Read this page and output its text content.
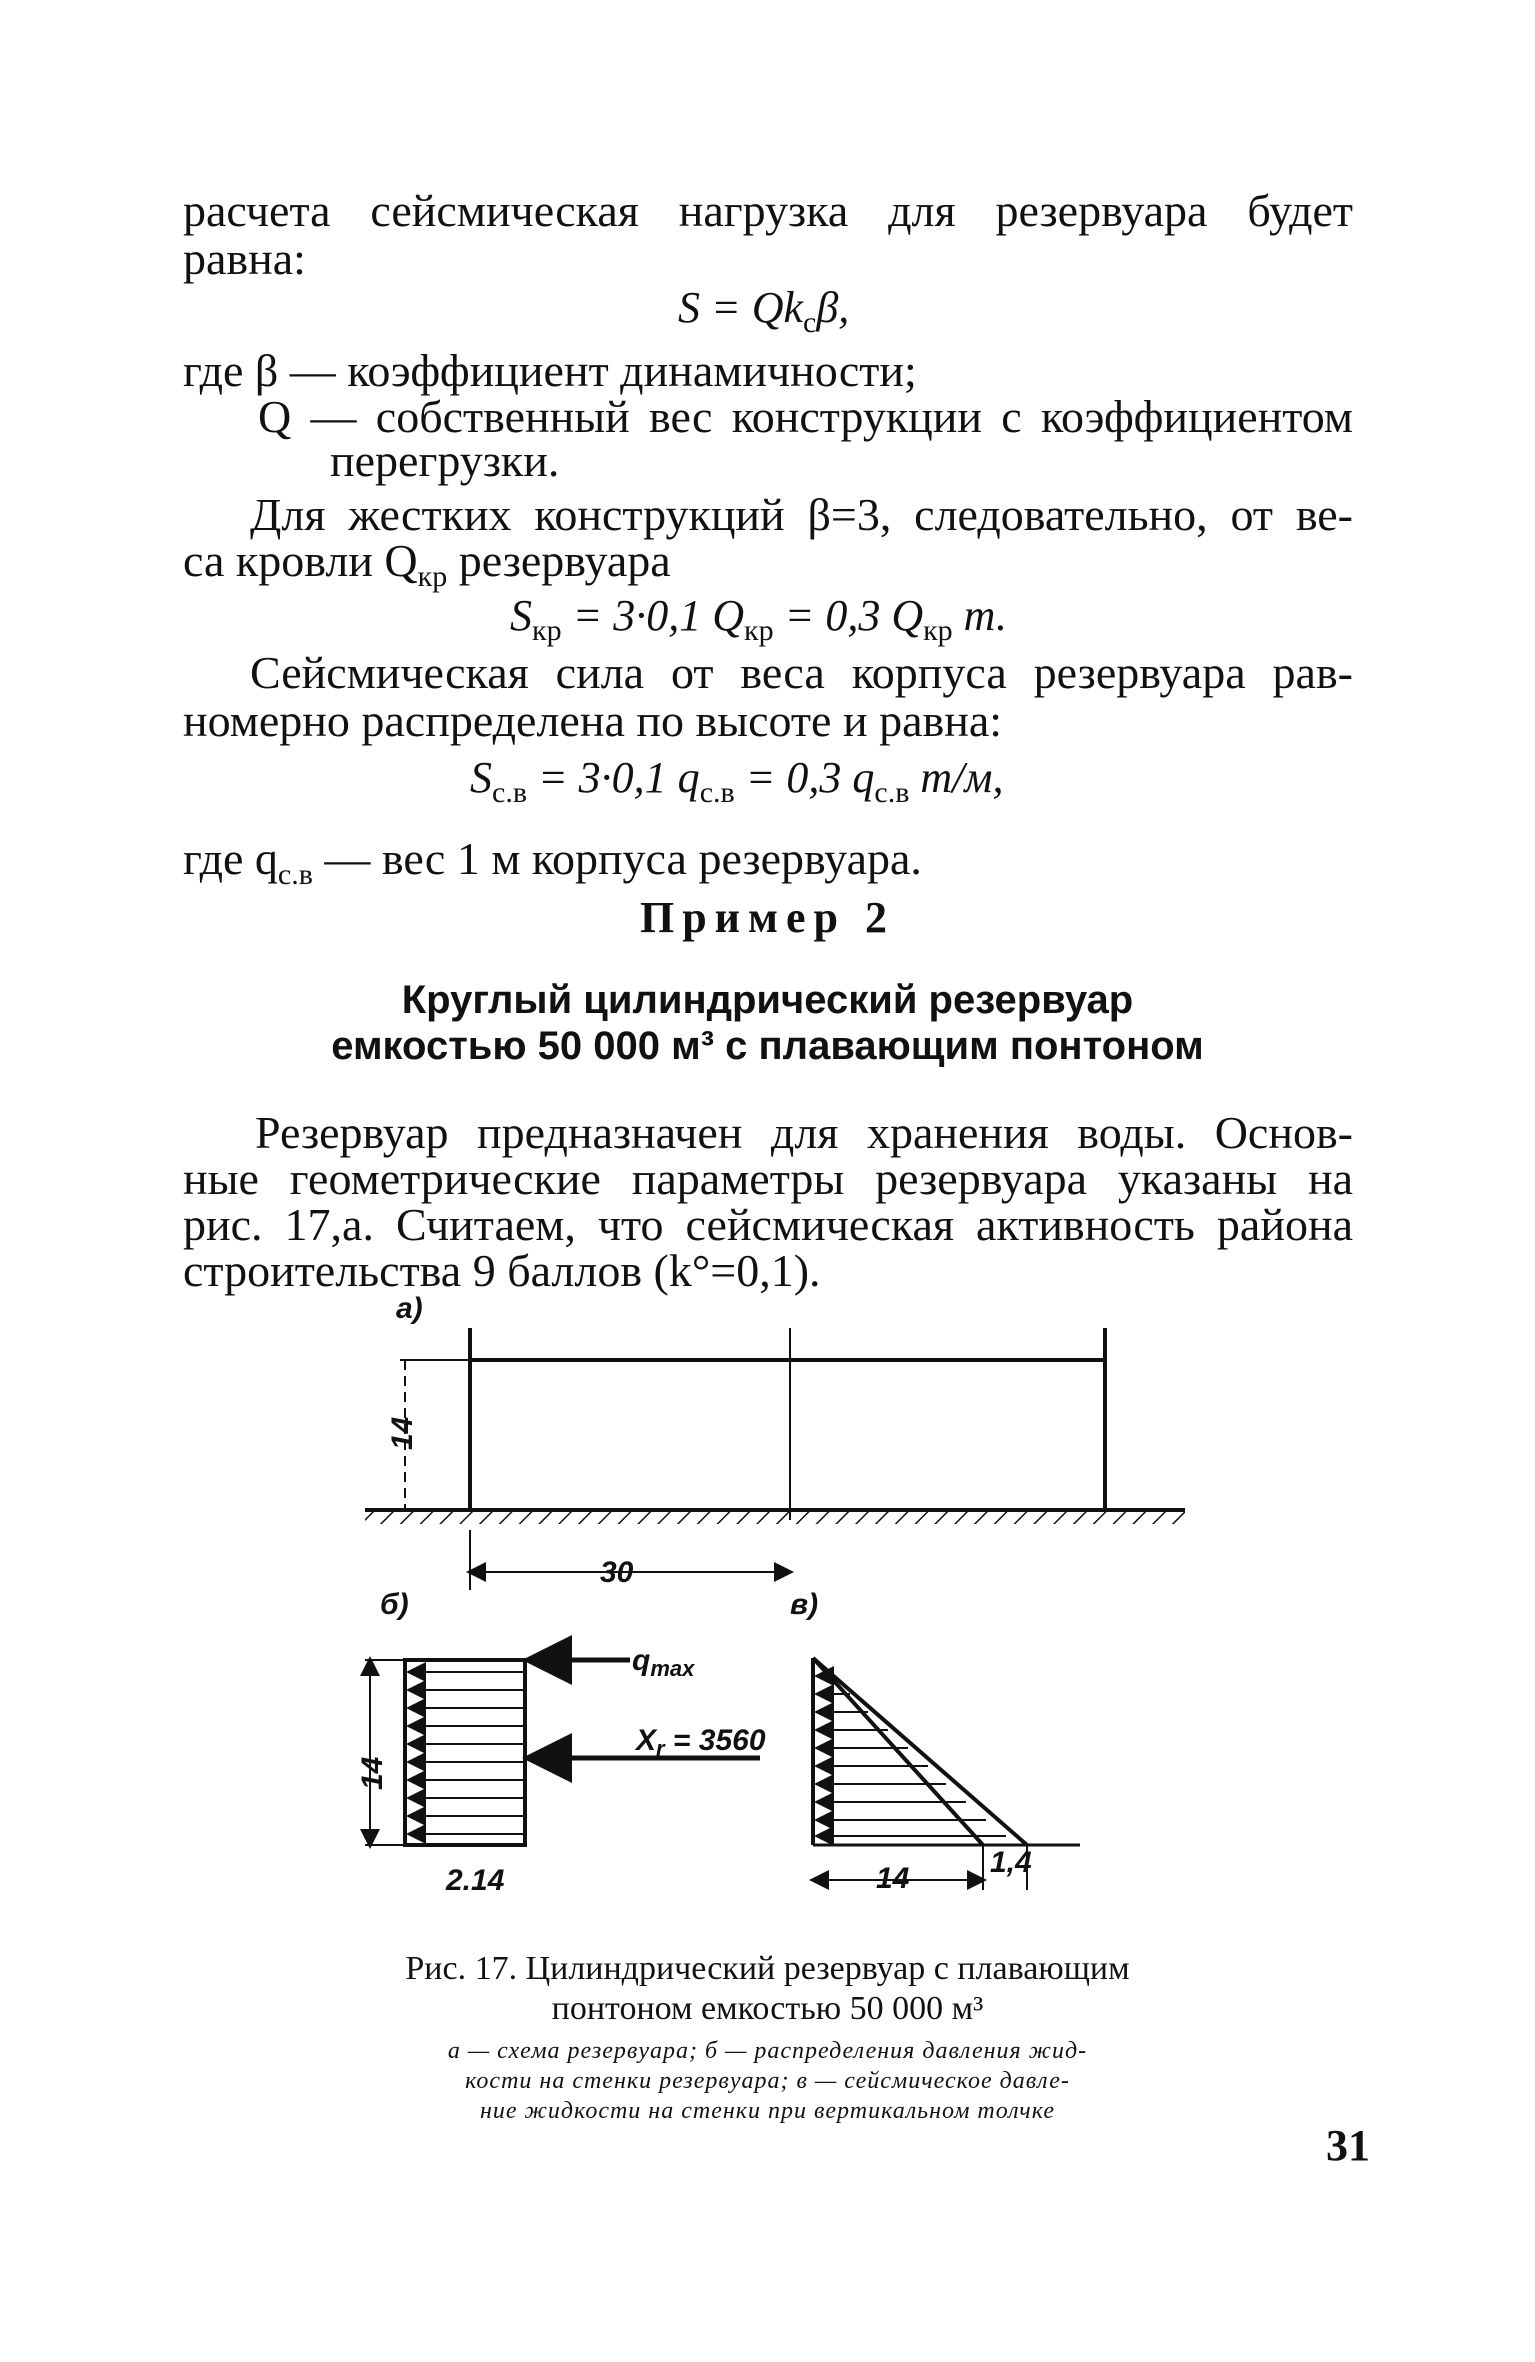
расчета сейсмическая нагрузка для резервуара будет
равна:
$S = Qk_c\beta$,
где β — коэффициент динамичности;
Q — собственный вес конструкции с коэффициентом
перегрузки.
Для жестких конструкций β=3, следовательно, от ве-
са кровли $Q_{кр}$ резервуара
$S_{кр} = 3\cdot 0,1$ $Q_{кр} = 0,3$ $Q_{кр}$ т.
Сейсмическая сила от веса корпуса резервуара рав-
номерно распределена по высоте и равна:
$S_{с.в} = 3\cdot 0,1$ $q_{с.в} = 0,3$ $q_{с.в}$ т/м,
где $q_{с.в}$ — вес 1 м корпуса резервуара.
Пример 2
Круглый цилиндрический резервуар
емкостью 50 000 м³ с плавающим понтоном
Резервуар предназначен для хранения воды. Основ-
ные геометрические параметры резервуара указаны на
рис. 17,а. Считаем, что сейсмическая активность района
строительства 9 баллов (k°=0,1).
а)
14
30
б)
14
$q_{max}$
$X_r = 3560$
2.14
в)
14	1,4
Рис. 17. Цилиндрический резервуар с плавающим
понтоном емкостью 50 000 м³
а — схема резервуара; б — распределения давления жид-
кости на стенки резервуара; в — сейсмическое давле-
ние жидкости на стенки при вертикальном толчке
31
